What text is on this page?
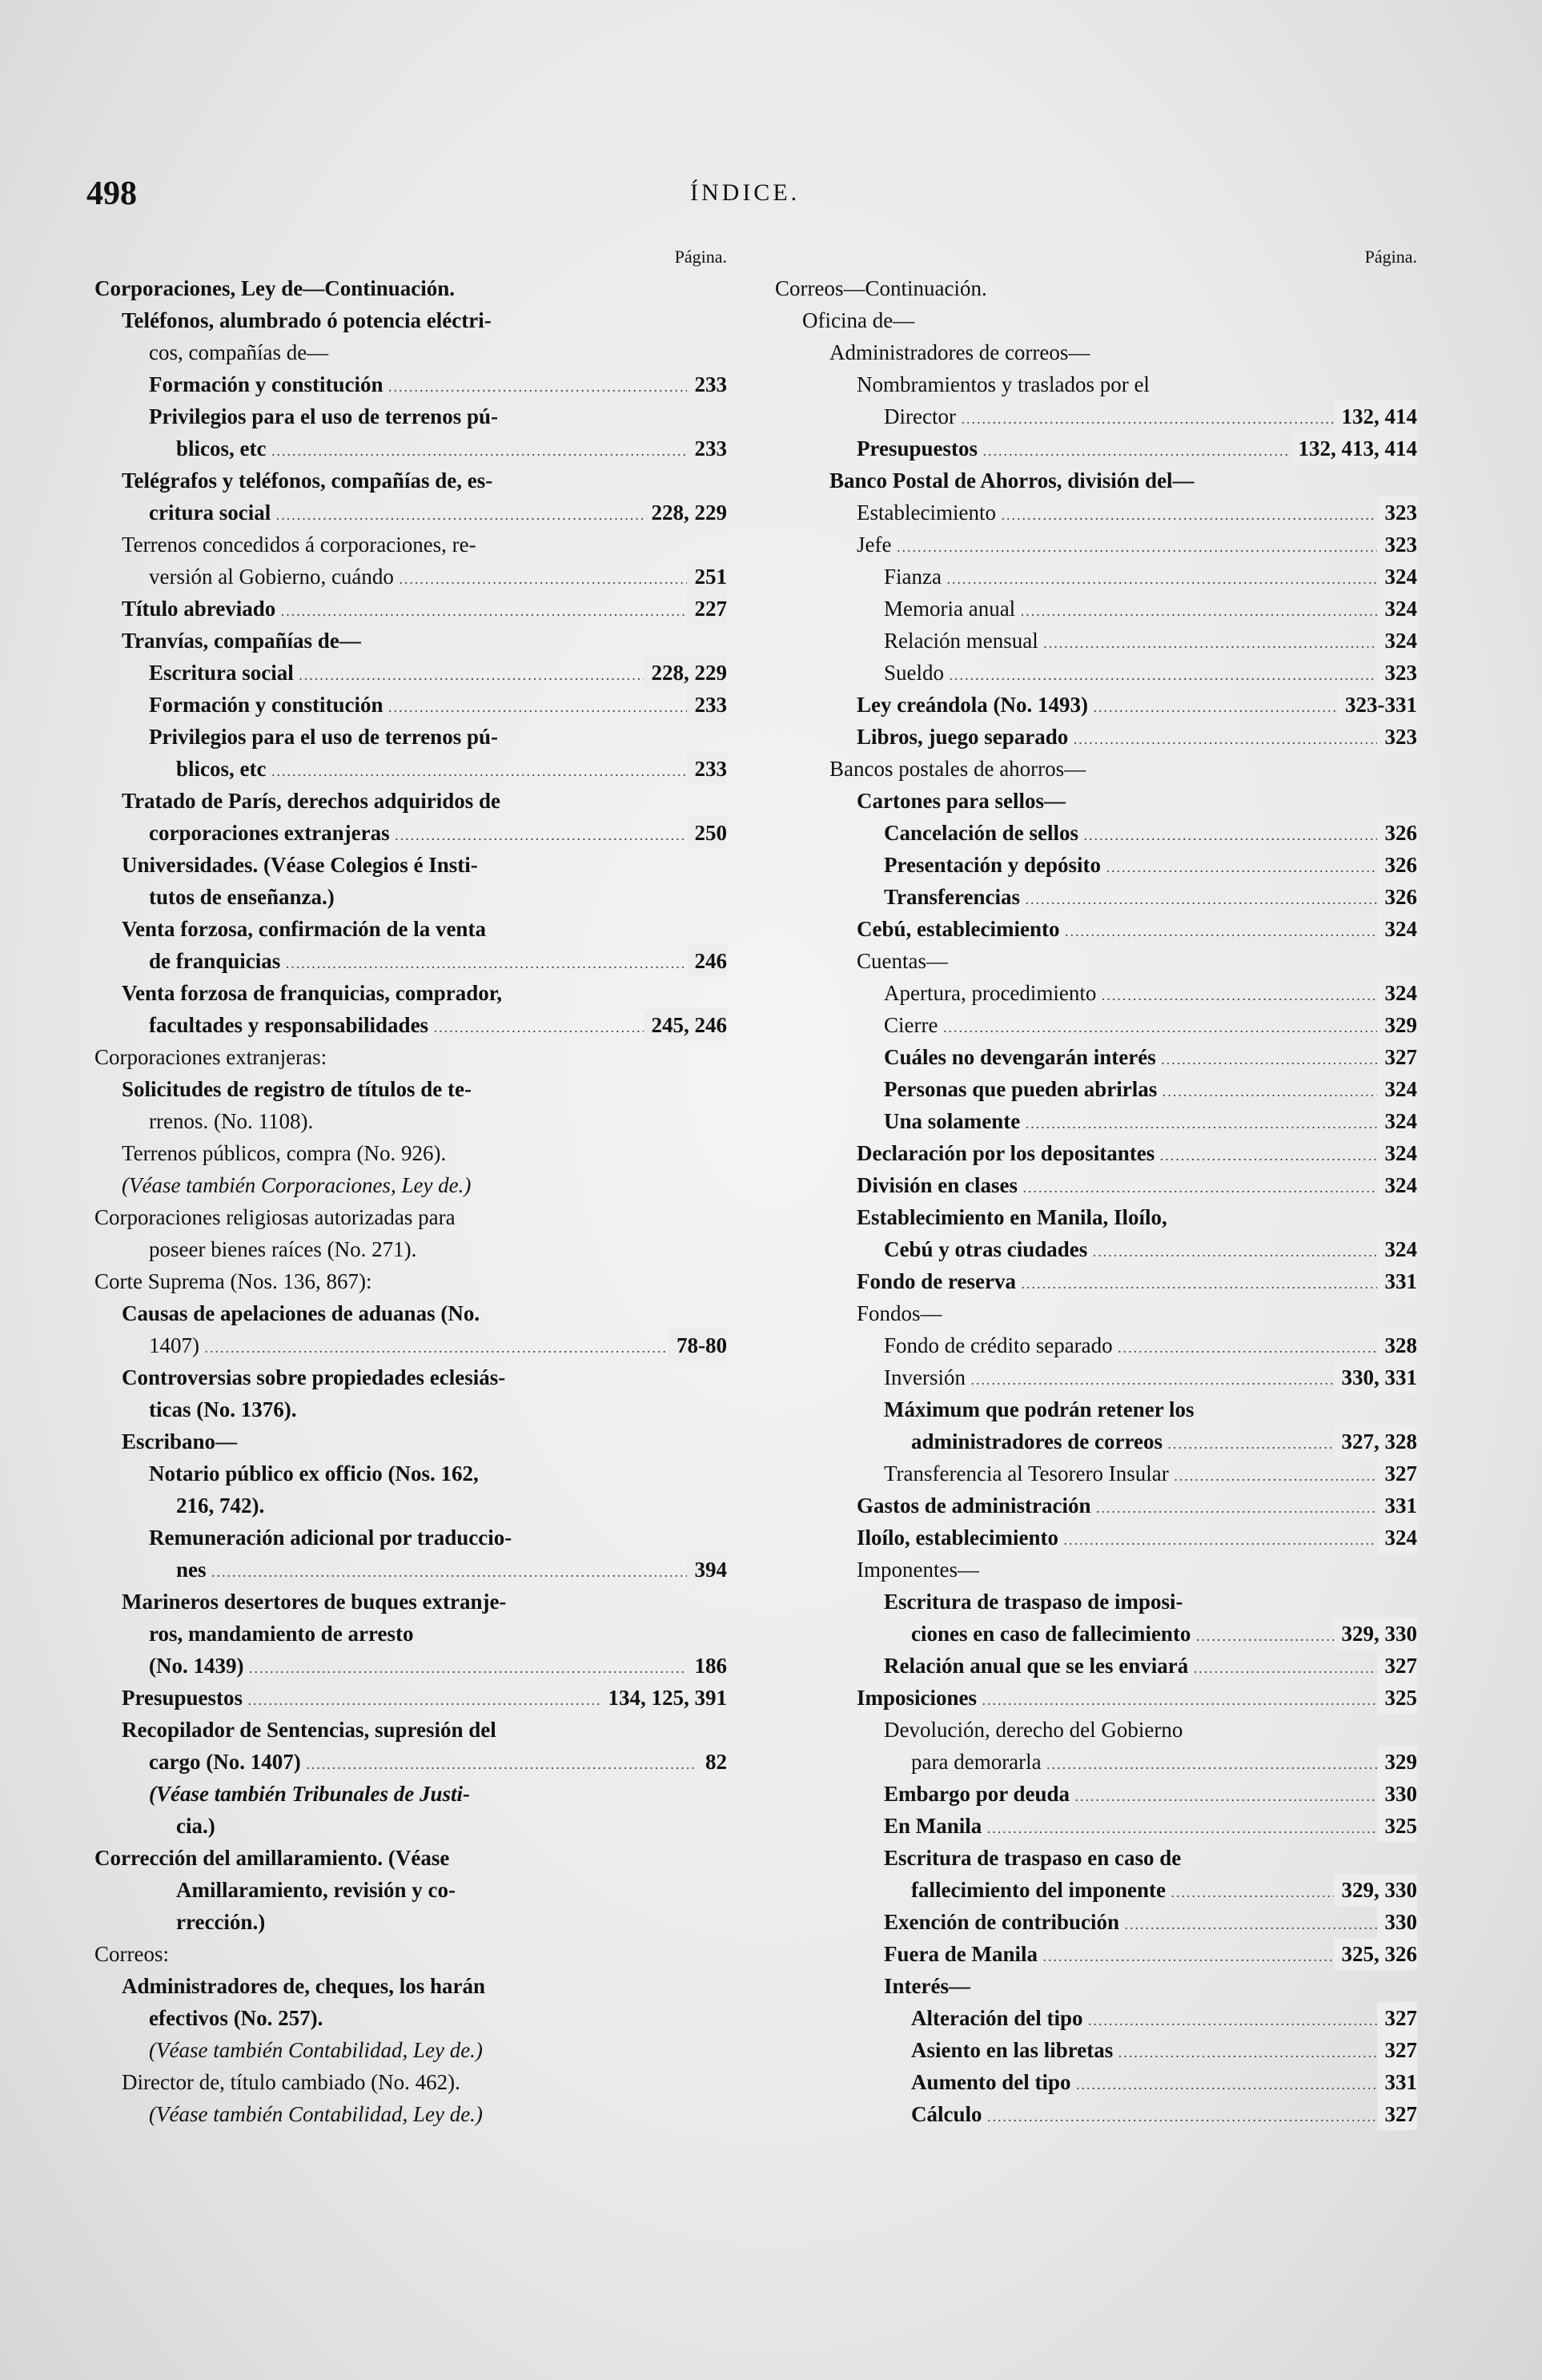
498	ÍNDICE.
Página.
Corporaciones, Ley de—Continuación.
Teléfonos, alumbrado ó potencia eléctri-
cos, compañías de—
Formación y constitución .....	233
Privilegios para el uso de terrenos pú-
blicos, etc .....	233
Telégrafos y teléfonos, compañías de, es-
critura social .....	228, 229
Terrenos concedidos á corporaciones, re-
versión al Gobierno, cuándo .....	251
Título abreviado .....	227
Tranvías, compañías de—
Escritura social .....	228, 229
Formación y constitución .....	233
Privilegios para el uso de terrenos pú-
blicos, etc .....	233
Tratado de París, derechos adquiridos de
corporaciones extranjeras .....	250
Universidades. (Véase Colegios é Insti-
tutos de enseñanza.)
Venta forzosa, confirmación de la venta
de franquicias .....	246
Venta forzosa de franquicias, comprador,
facultades y responsabilidades .....	245, 246
Corporaciones extranjeras:
Solicitudes de registro de títulos de te-
rrenos. (No. 1108).
Terrenos públicos, compra (No. 926).
(Véase también Corporaciones, Ley de.)
Corporaciones religiosas autorizadas para
poseer bienes raíces (No. 271).
Corte Suprema (Nos. 136, 867):
Causas de apelaciones de aduanas (No.
1407) .....	78-80
Controversias sobre propiedades eclesiás-
ticas (No. 1376).
Escribano—
Notario público ex officio (Nos. 162,
216, 742).
Remuneración adicional por traduccio-
nes .....	394
Marineros desertores de buques extranje-
ros, mandamiento de arresto
(No. 1439) .....	186
Presupuestos .....	134, 125, 391
Recopilador de Sentencias, supresión del
cargo (No. 1407) .....	82
(Véase también Tribunales de Justi-
cia.)
Corrección del amillaramiento. (Véase
Amillaramiento, revisión y co-
rrección.)
Correos:
Administradores de, cheques, los harán
efectivos (No. 257).
(Véase también Contabilidad, Ley de.)
Director de, título cambiado (No. 462).
(Véase también Contabilidad, Ley de.)
Página.
Correos—Continuación.
Oficina de—
Administradores de correos—
Nombramientos y traslados por el
Director .....	132, 414
Presupuestos .....	132, 413, 414
Banco Postal de Ahorros, división del—
Establecimiento .....	323
Jefe .....	323
Fianza .....	324
Memoria anual .....	324
Relación mensual .....	324
Sueldo .....	323
Ley creándola (No. 1493) .....	323-331
Libros, juego separado .....	323
Bancos postales de ahorros—
Cartones para sellos—
Cancelación de sellos .....	326
Presentación y depósito .....	326
Transferencias .....	326
Cebú, establecimiento .....	324
Cuentas—
Apertura, procedimiento .....	324
Cierre .....	329
Cuáles no devengarán interés .....	327
Personas que pueden abrirlas .....	324
Una solamente .....	324
Declaración por los depositantes .....	324
División en clases .....	324
Establecimiento en Manila, Iloílo,
Cebú y otras ciudades .....	324
Fondo de reserva .....	331
Fondos—
Fondo de crédito separado .....	328
Inversión .....	330, 331
Máximum que podrán retener los
administradores de correos .....	327, 328
Transferencia al Tesorero Insular .....	327
Gastos de administración .....	331
Iloílo, establecimiento .....	324
Imponentes—
Escritura de traspaso de imposi-
ciones en caso de fallecimiento .....	329, 330
Relación anual que se les enviará .....	327
Imposiciones .....	325
Devolución, derecho del Gobierno
para demorarla .....	329
Embargo por deuda .....	330
En Manila .....	325
Escritura de traspaso en caso de
fallecimiento del imponente .....	329, 330
Exención de contribución .....	330
Fuera de Manila .....	325, 326
Interés—
Alteración del tipo .....	327
Asiento en las libretas .....	327
Aumento del tipo .....	331
Cálculo .....	327
